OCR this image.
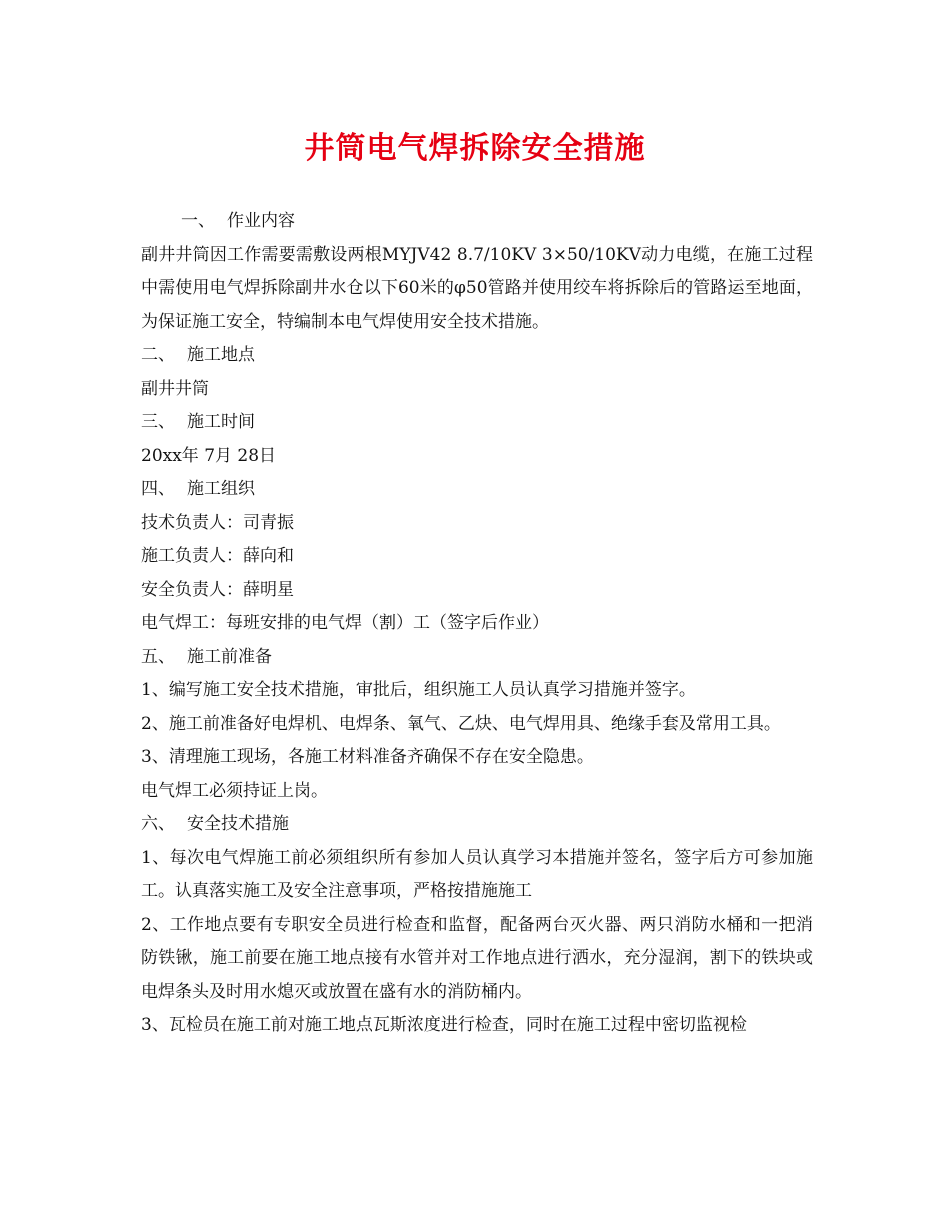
井筒电气焊拆除安全措施
一、 作业内容
副井井筒因工作需要需敷设两根MYJV42 8.7/10KV 3×50/10KV动力电缆，在施工过程中需使用电气焊拆除副井水仓以下60米的φ50管路并使用绞车将拆除后的管路运至地面，为保证施工安全，特编制本电气焊使用安全技术措施。
二、 施工地点
副井井筒
三、 施工时间
20xx年 7月 28日
四、 施工组织
技术负责人：司青振
施工负责人：薛向和
安全负责人：薛明星
电气焊工：每班安排的电气焊（割）工（签字后作业）
五、 施工前准备
1、编写施工安全技术措施，审批后，组织施工人员认真学习措施并签字。
2、施工前准备好电焊机、电焊条、氧气、乙炔、电气焊用具、绝缘手套及常用工具。
3、清理施工现场，各施工材料准备齐确保不存在安全隐患。
电气焊工必须持证上岗。
六、 安全技术措施
1、每次电气焊施工前必须组织所有参加人员认真学习本措施并签名，签字后方可参加施工。认真落实施工及安全注意事项，严格按措施施工
2、工作地点要有专职安全员进行检查和监督，配备两台灭火器、两只消防水桶和一把消防铁锹，施工前要在施工地点接有水管并对工作地点进行洒水，充分湿润，割下的铁块或电焊条头及时用水熄灭或放置在盛有水的消防桶内。
3、瓦检员在施工前对施工地点瓦斯浓度进行检查，同时在施工过程中密切监视检
